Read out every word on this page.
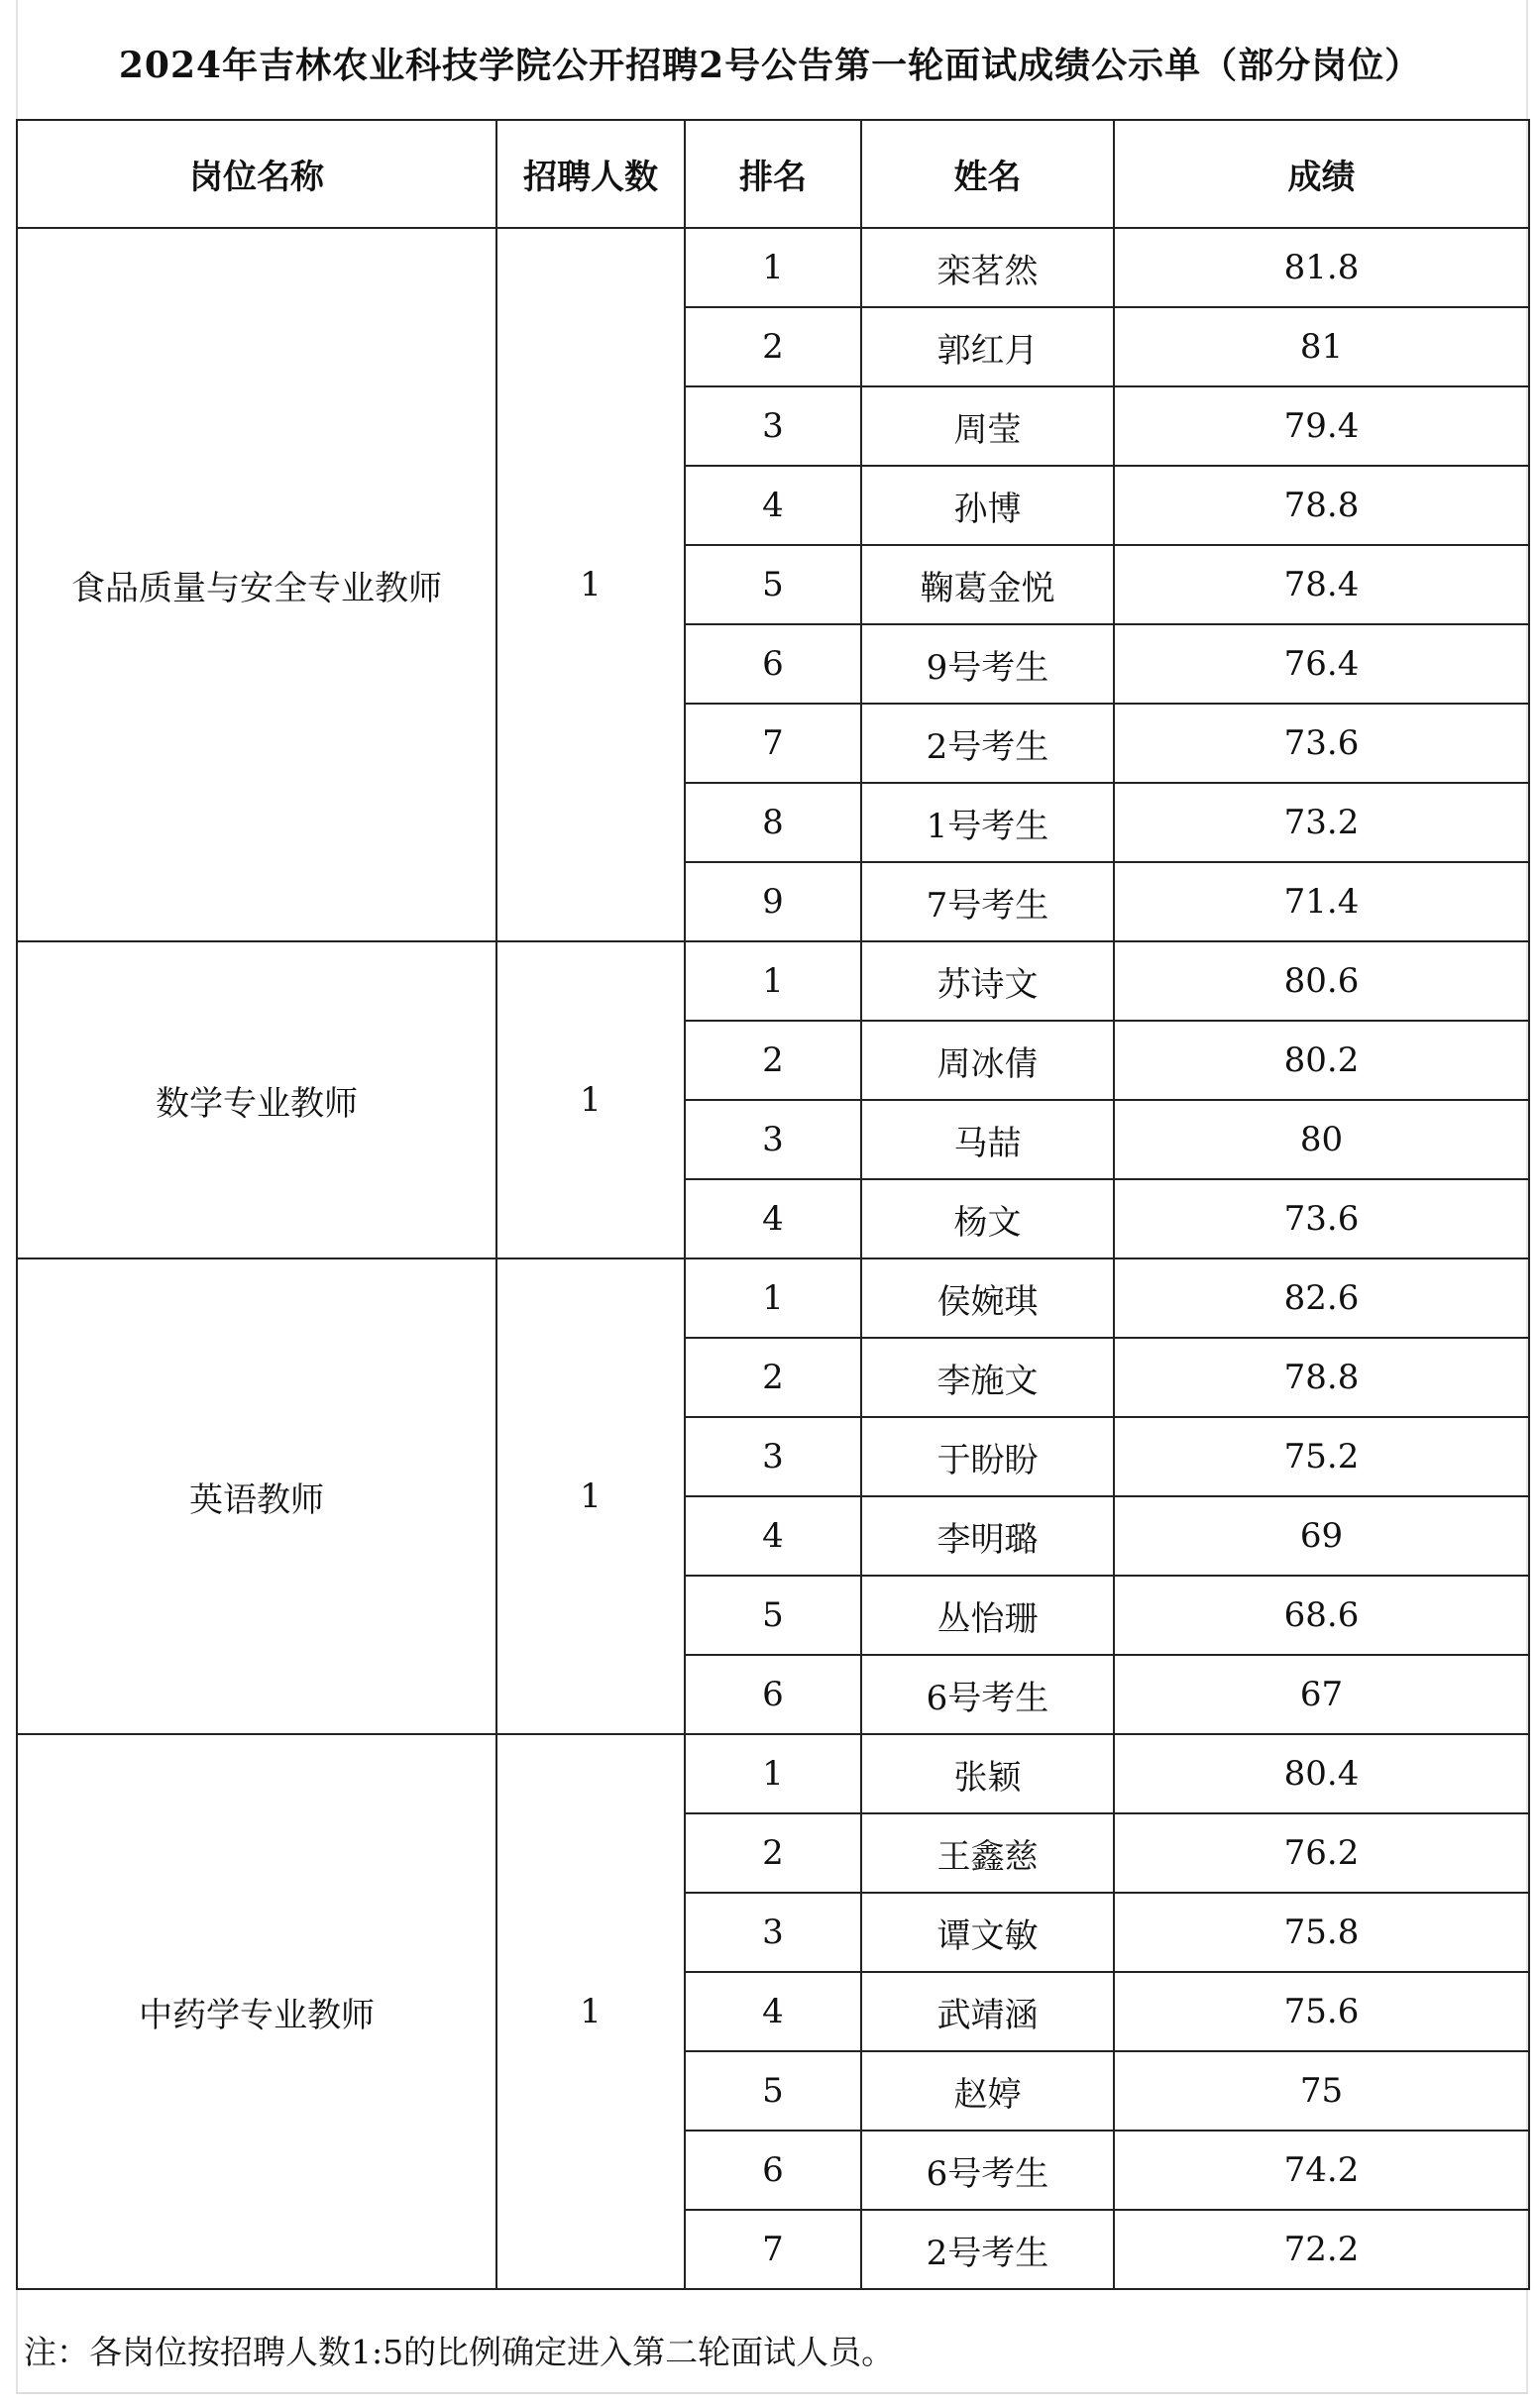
2024年吉林农业科技学院公开招聘2号公告第一轮面试成绩公示单（部分岗位）
岗位名称	招聘人数	排名	姓名	成绩
食品质量与安全专业教师	1	1	栾茗然	81.8
		2	郭红月	81
		3	周莹	79.4
		4	孙博	78.8
		5	鞠葛金悦	78.4
		6	9号考生	76.4
		7	2号考生	73.6
		8	1号考生	73.2
		9	7号考生	71.4
数学专业教师	1	1	苏诗文	80.6
		2	周冰倩	80.2
		3	马喆	80
		4	杨文	73.6
英语教师	1	1	侯婉琪	82.6
		2	李施文	78.8
		3	于盼盼	75.2
		4	李明璐	69
		5	丛怡珊	68.6
		6	6号考生	67
中药学专业教师	1	1	张颖	80.4
		2	王鑫慈	76.2
		3	谭文敏	75.8
		4	武靖涵	75.6
		5	赵婷	75
		6	6号考生	74.2
		7	2号考生	72.2
注：各岗位按招聘人数1:5的比例确定进入第二轮面试人员。
